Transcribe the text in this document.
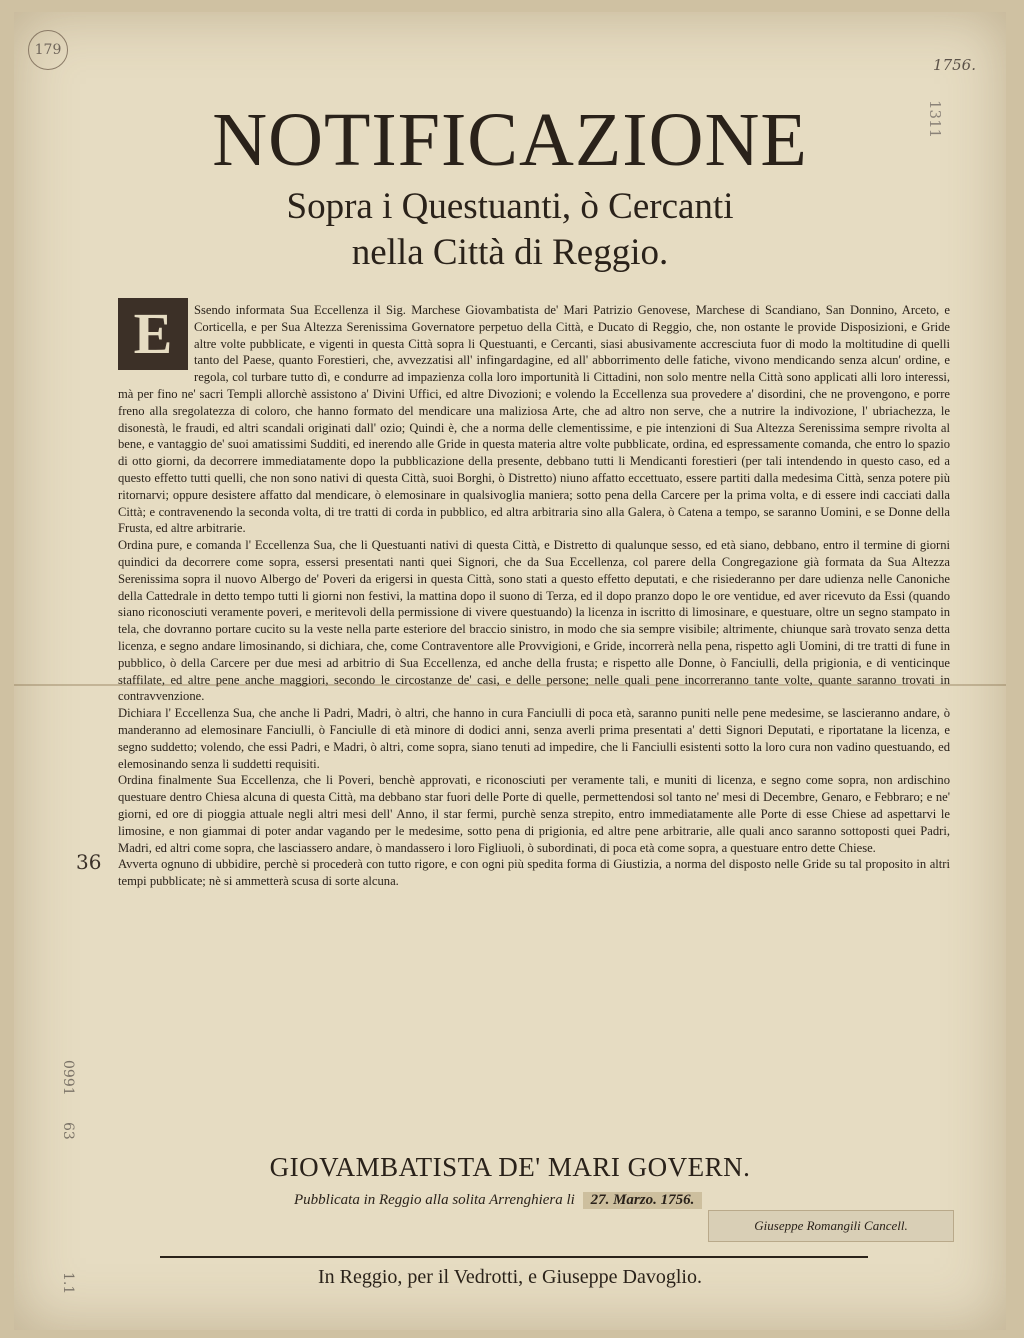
179
1756.
1311
NOTIFICAZIONE
Sopra i Questuanti, ò Cercanti
nella Città di Reggio.
E	Ssendo informata Sua Eccellenza il Sig. Marchese Giovambatista de' Mari Patrizio Genovese, Marchese di Scandiano, San Donnino, Arceto, e Corticella, e per Sua Altezza Serenissima Governatore perpetuo della Città, e Ducato di Reggio, che, non ostante le provide Disposizioni, e Gride altre volte pubblicate, e vigenti in questa Città sopra li Questuanti, e Cercanti, siasi abusivamente accresciuta fuor di modo la moltitudine di quelli tanto del Paese, quanto Forestieri, che, avvezzatisi all' infingardagine, ed all' abborrimento delle fatiche, vivono mendicando senza alcun' ordine, e regola, col turbare tutto dì, e condurre ad impazienza colla loro importunità li Cittadini, non solo mentre nella Città sono applicati alli loro interessi, mà per fino ne' sacri Templi allorchè assistono a' Divini Uffici, ed altre Divozioni; e volendo la Eccellenza sua provedere a' disordini, che ne provengono, e porre freno alla sregolatezza di coloro, che hanno formato del mendicare una maliziosa Arte, che ad altro non serve, che a nutrire la indivozione, l' ubriachezza, le disonestà, le fraudi, ed altri scandali originati dall' ozio; Quindi è, che a norma delle clementissime, e pie intenzioni di Sua Altezza Serenissima sempre rivolta al bene, e vantaggio de' suoi amatissimi Sudditi, ed inerendo alle Gride in questa materia altre volte pubblicate, ordina, ed espressamente comanda, che entro lo spazio di otto giorni, da decorrere immediatamente dopo la pubblicazione della presente, debbano tutti li Mendicanti forestieri (per tali intendendo in questo caso, ed a questo effetto tutti quelli, che non sono nativi di questa Città, suoi Borghi, ò Distretto) niuno affatto eccettuato, essere partiti dalla medesima Città, senza potere più ritornarvi; oppure desistere affatto dal mendicare, ò elemosinare in qualsivoglia maniera; sotto pena della Carcere per la prima volta, e di essere indi cacciati dalla Città; e contravenendo la seconda volta, di tre tratti di corda in pubblico, ed altra arbitraria sino alla Galera, ò Catena a tempo, se saranno Uomini, e se Donne della Frusta, ed altre arbitrarie.

Ordina pure, e comanda l' Eccellenza Sua, che li Questuanti nativi di questa Città, e Distretto di qualunque sesso, ed età siano, debbano, entro il termine di giorni quindici da decorrere come sopra, essersi presentati nanti quei Signori, che da Sua Eccellenza, col parere della Congregazione già formata da Sua Altezza Serenissima sopra il nuovo Albergo de' Poveri da erigersi in questa Città, sono stati a questo effetto deputati, e che risiederanno per dare udienza nelle Canoniche della Cattedrale in detto tempo tutti li giorni non festivi, la mattina dopo il suono di Terza, ed il dopo pranzo dopo le ore ventidue, ed aver ricevuto da Essi (quando siano riconosciuti veramente poveri, e meritevoli della permissione di vivere questuando) la licenza in iscritto di limosinare, e questuare, oltre un segno stampato in tela, che dovranno portare cucito su la veste nella parte esteriore del braccio sinistro, in modo che sia sempre visibile; altrimente, chiunque sarà trovato senza detta licenza, e segno andare limosinando, si dichiara, che, come Contraventore alle Provvigioni, e Gride, incorrerà nella pena, rispetto agli Uomini, di tre tratti di fune in pubblico, ò della Carcere per due mesi ad arbitrio di Sua Eccellenza, ed anche della frusta; e rispetto alle Donne, ò Fanciulli, della prigionia, e di venticinque staffilate, ed altre pene anche maggiori, secondo le circostanze de' casi, e delle persone; nelle quali pene incorreranno tante volte, quante saranno trovati in contravvenzione.

Dichiara l' Eccellenza Sua, che anche li Padri, Madri, ò altri, che hanno in cura Fanciulli di poca età, saranno puniti nelle pene medesime, se lascieranno andare, ò manderanno ad elemosinare Fanciulli, ò Fanciulle di età minore di dodici anni, senza averli prima presentati a' detti Signori Deputati, e riportatane la licenza, e segno suddetto; volendo, che essi Padri, e Madri, ò altri, come sopra, siano tenuti ad impedire, che li Fanciulli esistenti sotto la loro cura non vadino questuando, ed elemosinando senza li suddetti requisiti.

Ordina finalmente Sua Eccellenza, che li Poveri, benchè approvati, e riconosciuti per veramente tali, e muniti di licenza, e segno come sopra, non ardischino questuare dentro Chiesa alcuna di questa Città, ma debbano star fuori delle Porte di quelle, permettendosi sol tanto ne' mesi di Decembre, Genaro, e Febbraro; e ne' giorni, ed ore di pioggia attuale negli altri mesi dell' Anno, il star fermi, purchè senza strepito, entro immediatamente alle Porte di esse Chiese ad aspettarvi le limosine, e non giammai di poter andar vagando per le medesime, sotto pena di prigionia, ed altre pene arbitrarie, alle quali anco saranno sottoposti quei Padri, Madri, ed altri come sopra, che lasciassero andare, ò mandassero i loro Figliuoli, ò subordinati, di poca età come sopra, a questuare entro dette Chiese.

Avverta ognuno di ubbidire, perchè si procederà con tutto rigore, e con ogni più spedita forma di Giustizia, a norma del disposto nelle Gride su tal proposito in altri tempi pubblicate; nè si ammetterà scusa di sorte alcuna.

36
0991
63
1.1
GIOVAMBATISTA DE' MARI GOVERN.
Pubblicata in Reggio alla solita Arrenghiera li 27. Marzo. 1756.
Giuseppe Romangili Cancell.
In Reggio, per il Vedrotti, e Giuseppe Davoglio.
